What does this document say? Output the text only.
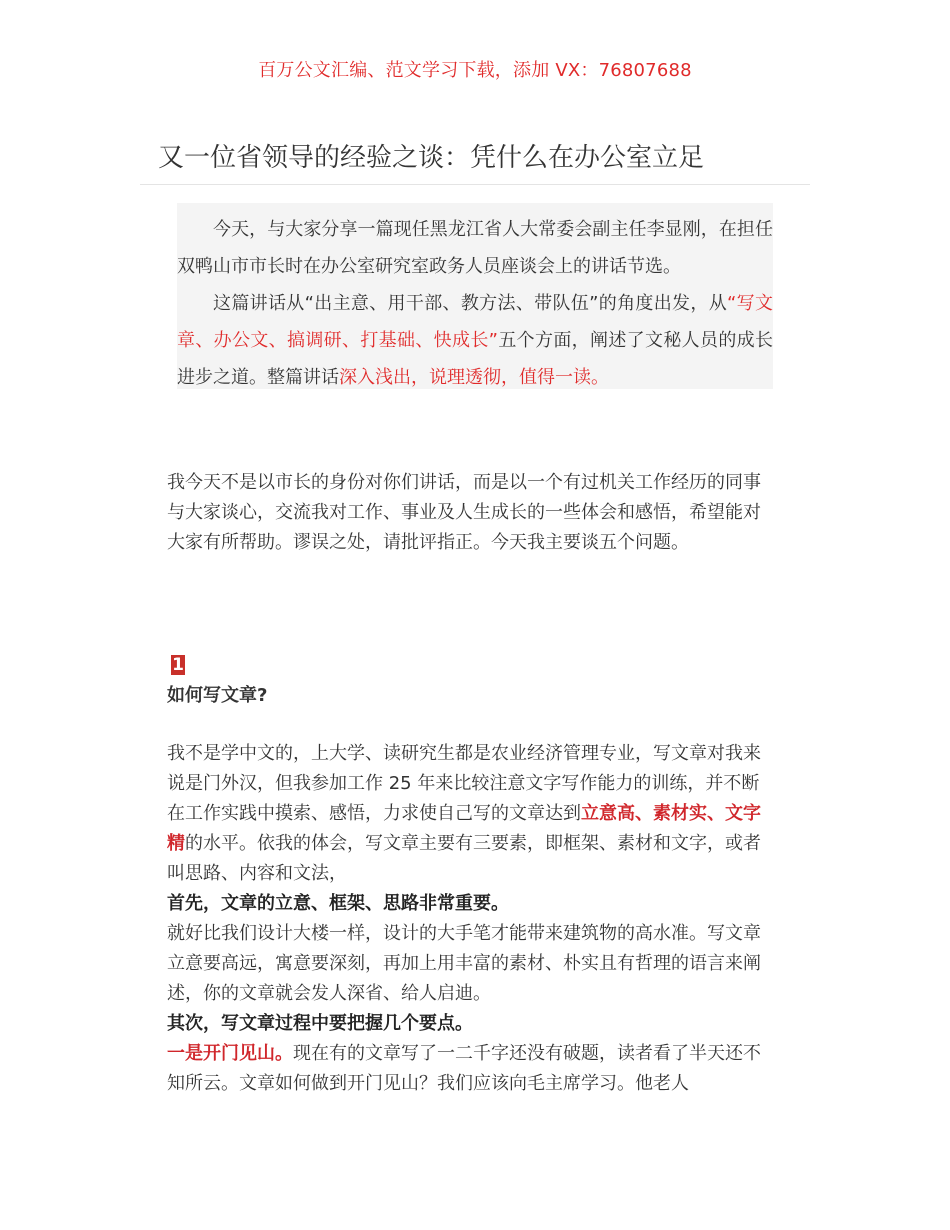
百万公文汇编、范文学习下载，添加 VX：76807688
又一位省领导的经验之谈：凭什么在办公室立足

今天，与大家分享一篇现任黑龙江省人大常委会副主任李显刚，在担任双鸭山市市长时在办公室研究室政务人员座谈会上的讲话节选。

这篇讲话从“出主意、用干部、教方法、带队伍”的角度出发，从“写文章、办公文、搞调研、打基础、快成长”五个方面，阐述了文秘人员的成长进步之道。整篇讲话深入浅出，说理透彻，值得一读。

我今天不是以市长的身份对你们讲话，而是以一个有过机关工作经历的同事与大家谈心，交流我对工作、事业及人生成长的一些体会和感悟，希望能对大家有所帮助。谬误之处，请批评指正。今天我主要谈五个问题。

1
如何写文章?

我不是学中文的，上大学、读研究生都是农业经济管理专业，写文章对我来说是门外汉，但我参加工作 25 年来比较注意文字写作能力的训练，并不断在工作实践中摸索、感悟，力求使自己写的文章达到立意高、素材实、文字精的水平。依我的体会，写文章主要有三要素，即框架、素材和文字，或者叫思路、内容和文法，

首先，文章的立意、框架、思路非常重要。

就好比我们设计大楼一样，设计的大手笔才能带来建筑物的高水准。写文章立意要高远，寓意要深刻，再加上用丰富的素材、朴实且有哲理的语言来阐述，你的文章就会发人深省、给人启迪。

其次，写文章过程中要把握几个要点。

一是开门见山。现在有的文章写了一二千字还没有破题，读者看了半天还不知所云。文章如何做到开门见山？我们应该向毛主席学习。他老人
